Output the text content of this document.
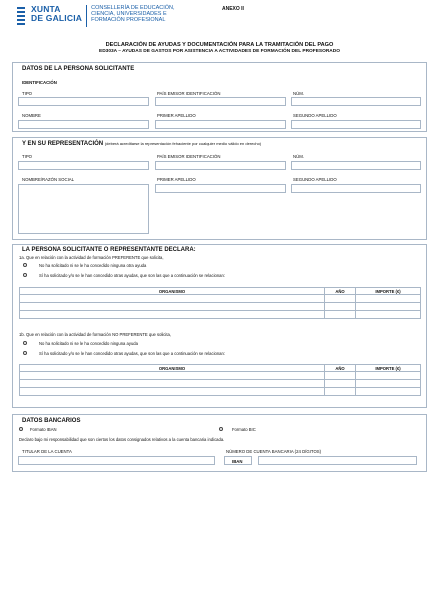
XUNTA
DE GALICIA
CONSELLERÍA DE EDUCACIÓN,
CIENCIA, UNIVERSIDADES E
FORMACIÓN PROFESIONAL
ANEXO II
DECLARACIÓN DE AYUDAS Y DOCUMENTACIÓN PARA LA TRAMITACIÓN DEL PAGO
ED303A – AYUDAS DE GASTOS POR ASISTENCIA A ACTIVIDADES DE FORMACIÓN DEL PROFESORADO
DATOS DE LA PERSONA SOLICITANTE
IDENTIFICACIÓN
TIPO	PAÍS EMISOR IDENTIFICACIÓN	NÚM.
NOMBRE	PRIMER APELLIDO	SEGUNDO APELLIDO
Y EN SU REPRESENTACIÓN (deberá acreditarse la representación fehaciente por cualquier medio válido en derecho)
TIPO	PAÍS EMISOR IDENTIFICACIÓN	NÚM.
NOMBRE/RAZÓN SOCIAL	PRIMER APELLIDO	SEGUNDO APELLIDO
LA PERSONA SOLICITANTE O REPRESENTANTE DECLARA:
1a. Que en relación con la actividad de formación PREFERENTE que solicita,
No ha solicitado ni se le ha concedido ninguna otra ayuda
Sí ha solicitado y/o se le han concedido otras ayudas, que son las que a continuación se relacionan:
ORGANISMO	AÑO	IMPORTE (€)

1b. Que en relación con la actividad de formación NO PREFERENTE que solicita,
No ha solicitado ni se le ha concedido ninguna ayuda
Sí ha solicitado y/o se le han concedido otras ayudas, que son las que a continuación se relacionan:
ORGANISMO	AÑO	IMPORTE (€)

DATOS BANCARIOS
Formato IBAN	Formato BIC
Declaro bajo mi responsabilidad que son ciertos los datos consignados relativos a la cuenta bancaria indicada.
TITULAR DE LA CUENTA	NÚMERO DE CUENTA BANCARIA (24 DÍGITOS)
IBAN
